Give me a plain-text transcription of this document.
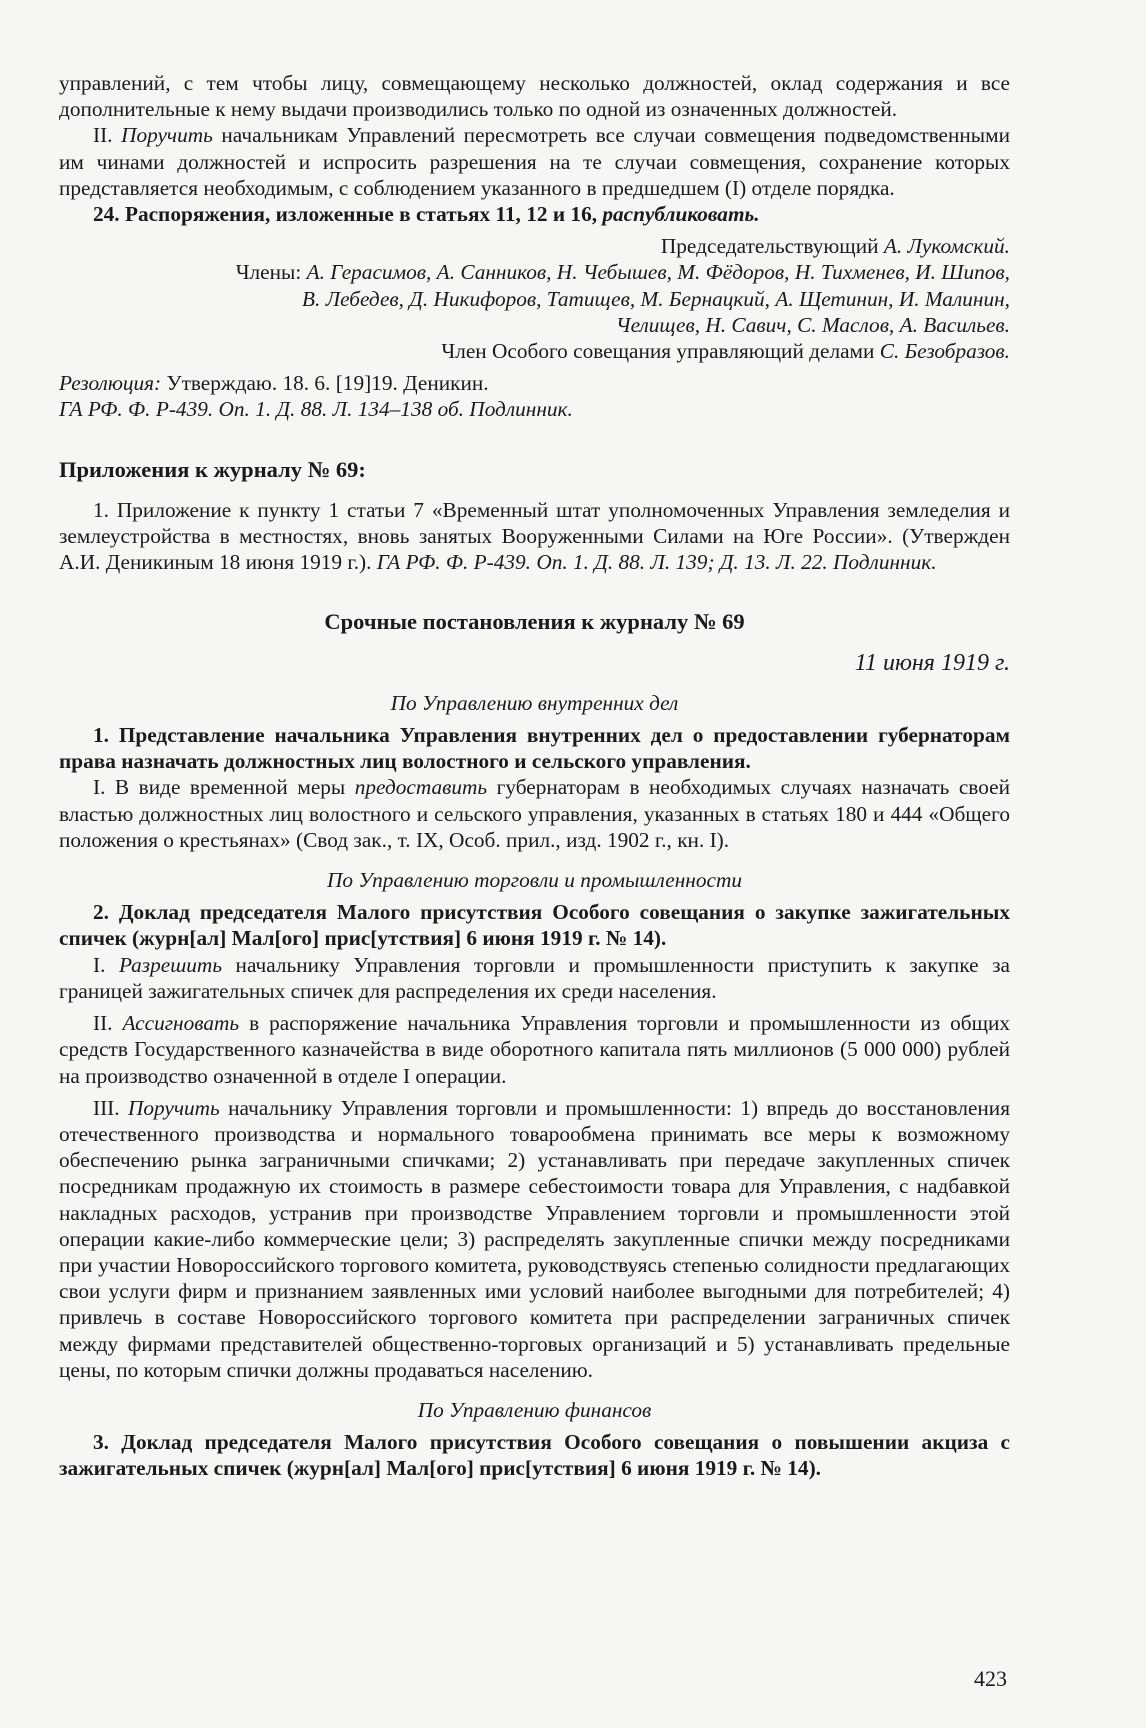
управлений, с тем чтобы лицу, совмещающему несколько должностей, оклад содержания и все дополнительные к нему выдачи производились только по одной из означенных должностей.

II. Поручить начальникам Управлений пересмотреть все случаи совмещения подведомственными им чинами должностей и испросить разрешения на те случаи совмещения, сохранение которых представляется необходимым, с соблюдением указанного в предшедшем (I) отделе порядка.

24. Распоряжения, изложенные в статьях 11, 12 и 16, распубликовать.

Председательствующий А. Лукомский.

Члены: А. Герасимов, А. Санников, Н. Чебышев, М. Фёдоров, Н. Тихменев, И. Шипов,

В. Лебедев, Д. Никифоров, Татищев, М. Бернацкий, А. Щетинин, И. Малинин,

Челищев, Н. Савич, С. Маслов, А. Васильев.

Член Особого совещания управляющий делами С. Безобразов.

Резолюция: Утверждаю. 18. 6. [19]19. Деникин.

ГА РФ. Ф. Р-439. Оп. 1. Д. 88. Л. 134–138 об. Подлинник.

Приложения к журналу № 69:

1. Приложение к пункту 1 статьи 7 «Временный штат уполномоченных Управления земледелия и землеустройства в местностях, вновь занятых Вооруженными Силами на Юге России». (Утвержден А.И. Деникиным 18 июня 1919 г.). ГА РФ. Ф. Р-439. Оп. 1. Д. 88. Л. 139; Д. 13. Л. 22. Подлинник.

Срочные постановления к журналу № 69

11 июня 1919 г.

По Управлению внутренних дел

1. Представление начальника Управления внутренних дел о предоставлении губернаторам права назначать должностных лиц волостного и сельского управления.

I. В виде временной меры предоставить губернаторам в необходимых случаях назначать своей властью должностных лиц волостного и сельского управления, указанных в статьях 180 и 444 «Общего положения о крестьянах» (Свод зак., т. IX, Особ. прил., изд. 1902 г., кн. I).

По Управлению торговли и промышленности

2. Доклад председателя Малого присутствия Особого совещания о закупке зажигательных спичек (журн[ал] Мал[ого] прис[утствия] 6 июня 1919 г. № 14).

I. Разрешить начальнику Управления торговли и промышленности приступить к закупке за границей зажигательных спичек для распределения их среди населения.

II. Ассигновать в распоряжение начальника Управления торговли и промышленности из общих средств Государственного казначейства в виде оборотного капитала пять миллионов (5 000 000) рублей на производство означенной в отделе I операции.

III. Поручить начальнику Управления торговли и промышленности: 1) впредь до восстановления отечественного производства и нормального товарообмена принимать все меры к возможному обеспечению рынка заграничными спичками; 2) устанавливать при передаче закупленных спичек посредникам продажную их стоимость в размере себестоимости товара для Управления, с надбавкой накладных расходов, устранив при производстве Управлением торговли и промышленности этой операции какие-либо коммерческие цели; 3) распределять закупленные спички между посредниками при участии Новороссийского торгового комитета, руководствуясь степенью солидности предлагающих свои услуги фирм и признанием заявленных ими условий наиболее выгодными для потребителей; 4) привлечь в составе Новороссийского торгового комитета при распределении заграничных спичек между фирмами представителей общественно-торговых организаций и 5) устанавливать предельные цены, по которым спички должны продаваться населению.

По Управлению финансов

3. Доклад председателя Малого присутствия Особого совещания о повышении акциза с зажигательных спичек (журн[ал] Мал[ого] прис[утствия] 6 июня 1919 г. № 14).

423
